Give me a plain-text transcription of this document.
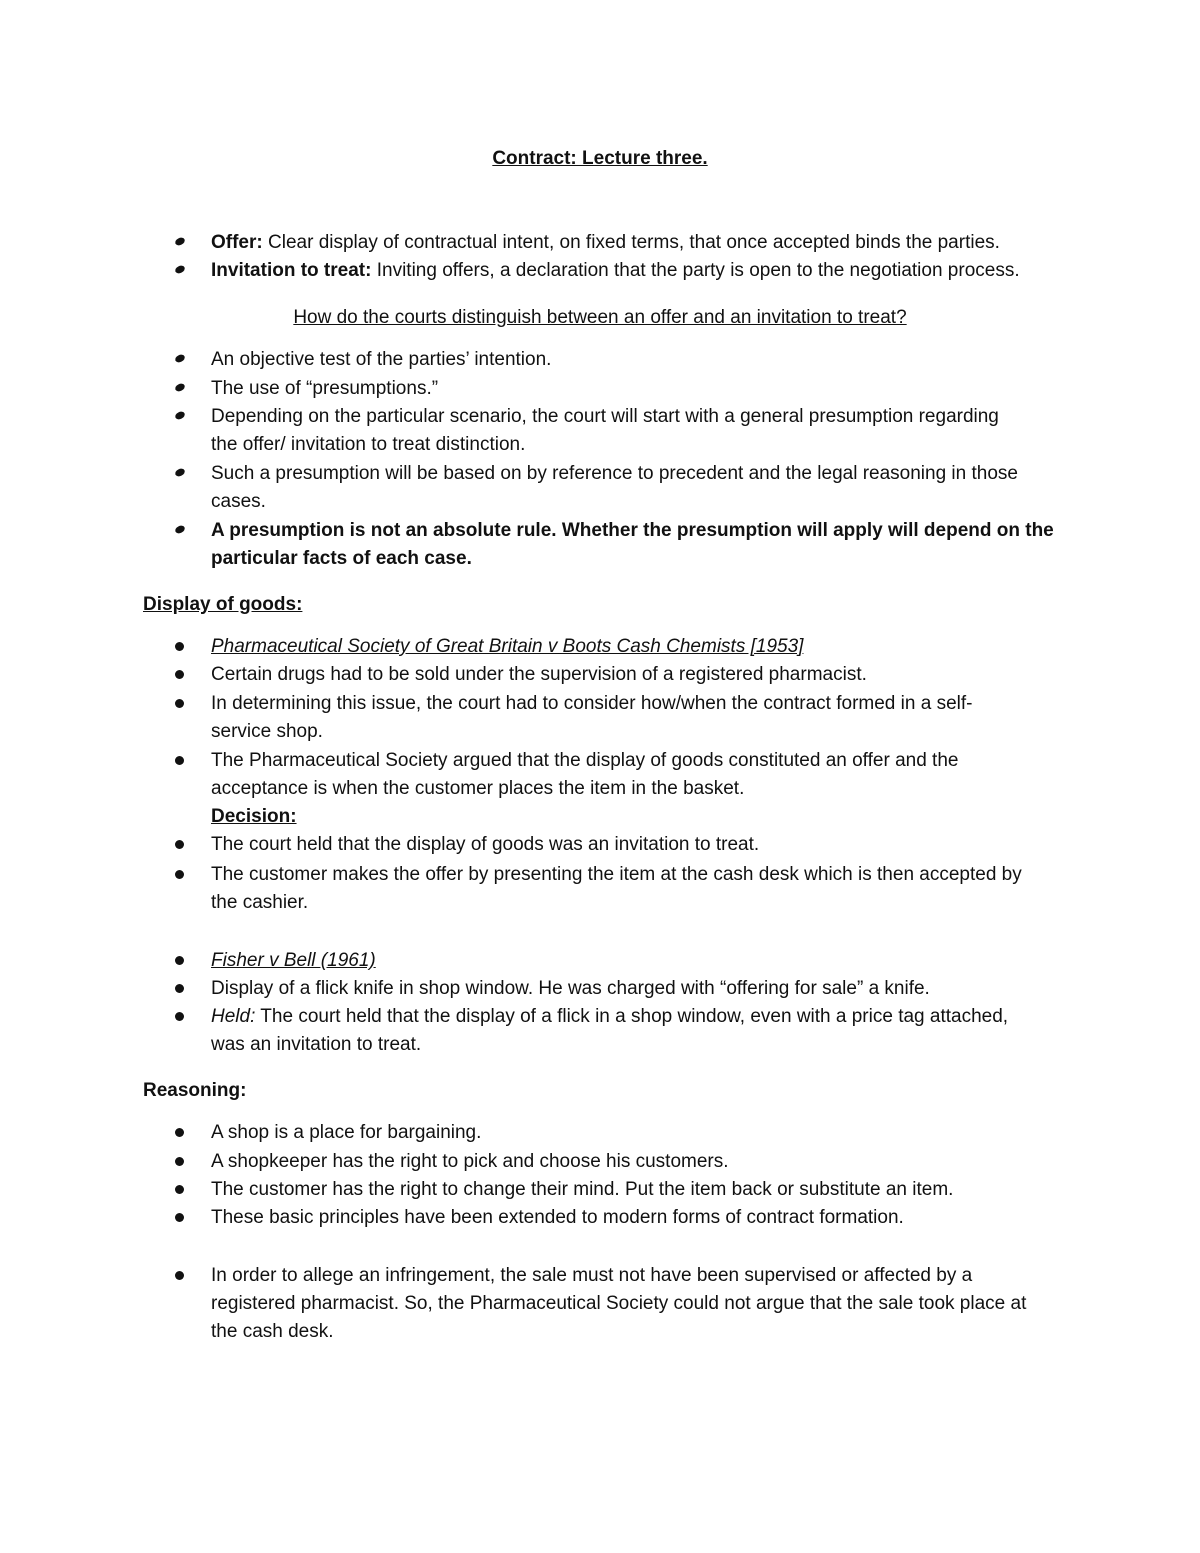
Contract: Lecture three.
Offer: Clear display of contractual intent, on fixed terms, that once accepted binds the parties.
Invitation to treat: Inviting offers, a declaration that the party is open to the negotiation process.
How do the courts distinguish between an offer and an invitation to treat?
An objective test of the parties’ intention.
The use of “presumptions.”
Depending on the particular scenario, the court will start with a general presumption regarding
the offer/ invitation to treat distinction.
Such a presumption will be based on by reference to precedent and the legal reasoning in those
cases.
A presumption is not an absolute rule. Whether the presumption will apply will depend on the
particular facts of each case.
Display of goods:
Pharmaceutical Society of Great Britain v Boots Cash Chemists [1953]
Certain drugs had to be sold under the supervision of a registered pharmacist.
In determining this issue, the court had to consider how/when the contract formed in a self-
service shop.
The Pharmaceutical Society argued that the display of goods constituted an offer and the
acceptance is when the customer places the item in the basket.
Decision:
The court held that the display of goods was an invitation to treat.
The customer makes the offer by presenting the item at the cash desk which is then accepted by
the cashier.
Fisher v Bell (1961)
Display of a flick knife in shop window. He was charged with “offering for sale” a knife.
Held: The court held that the display of a flick in a shop window, even with a price tag attached,
was an invitation to treat.
Reasoning:
A shop is a place for bargaining.
A shopkeeper has the right to pick and choose his customers.
The customer has the right to change their mind. Put the item back or substitute an item.
These basic principles have been extended to modern forms of contract formation.
In order to allege an infringement, the sale must not have been supervised or affected by a
registered pharmacist. So, the Pharmaceutical Society could not argue that the sale took place at
the cash desk.
